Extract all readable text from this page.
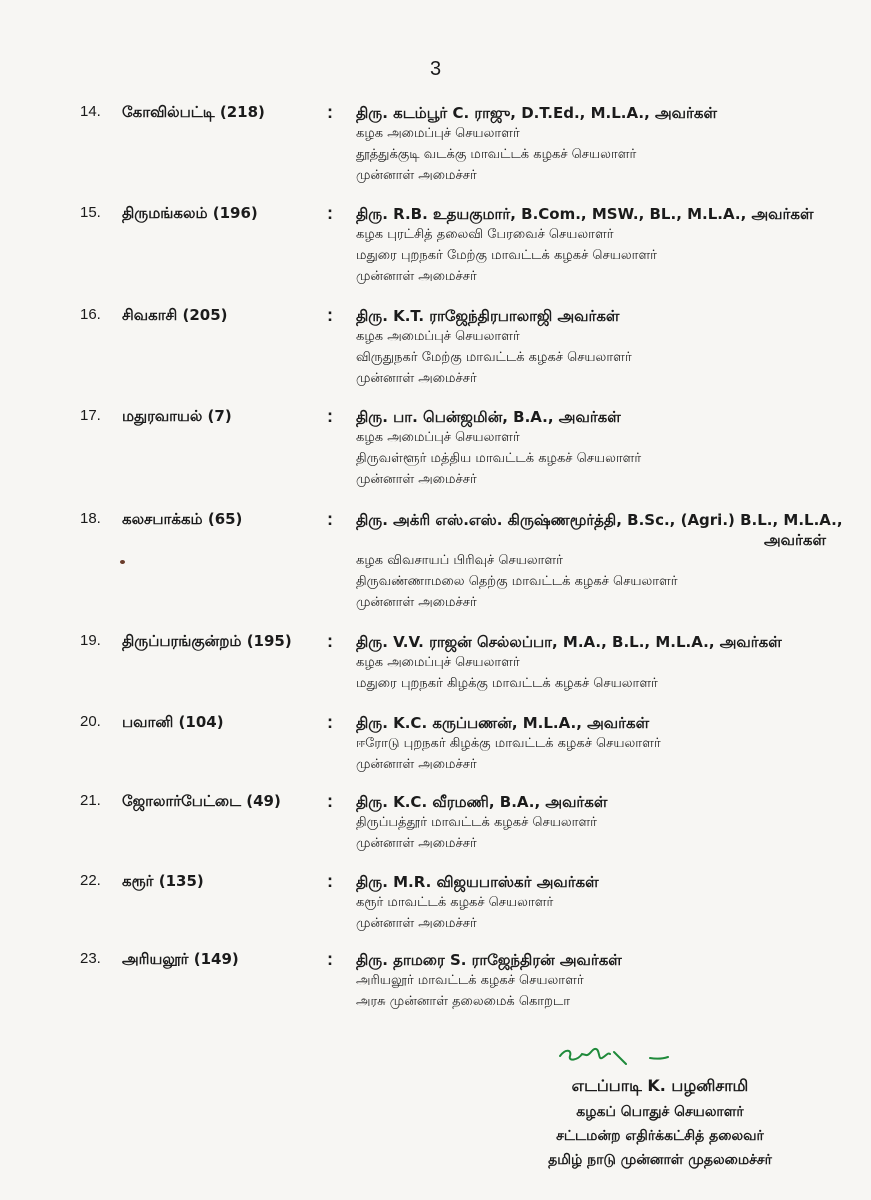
3
14. கோவில்பட்டி (218)	: திரு. கடம்பூர் C. ராஜு, D.T.Ed., M.L.A., அவர்கள்
கழக அமைப்புச் செயலாளர்
தூத்துக்குடி வடக்கு மாவட்டக் கழகச் செயலாளர்
முன்னாள் அமைச்சர்
15. திருமங்கலம் (196)	: திரு. R.B. உதயகுமார், B.Com., MSW., BL., M.L.A., அவர்கள்
கழக புரட்சித் தலைவி பேரவைச் செயலாளர்
மதுரை புறநகர் மேற்கு மாவட்டக் கழகச் செயலாளர்
முன்னாள் அமைச்சர்
16. சிவகாசி (205)	: திரு. K.T. ராஜேந்திரபாலாஜி அவர்கள்
கழக அமைப்புச் செயலாளர்
விருதுநகர் மேற்கு மாவட்டக் கழகச் செயலாளர்
முன்னாள் அமைச்சர்
17. மதுரவாயல் (7)	: திரு. பா. பென்ஜமின், B.A., அவர்கள்
கழக அமைப்புச் செயலாளர்
திருவள்ளூர் மத்திய மாவட்டக் கழகச் செயலாளர்
முன்னாள் அமைச்சர்
18. கலசபாக்கம் (65)	: திரு. அக்ரி எஸ்.எஸ். கிருஷ்ணமூர்த்தி, B.Sc., (Agri.) B.L., M.L.A.,
அவர்கள்
கழக விவசாயப் பிரிவுச் செயலாளர்
திருவண்ணாமலை தெற்கு மாவட்டக் கழகச் செயலாளர்
முன்னாள் அமைச்சர்
19. திருப்பரங்குன்றம் (195) : திரு. V.V. ராஜன் செல்லப்பா, M.A., B.L., M.L.A., அவர்கள்
கழக அமைப்புச் செயலாளர்
மதுரை புறநகர் கிழக்கு மாவட்டக் கழகச் செயலாளர்
20. பவானி (104)	: திரு. K.C. கருப்பணன், M.L.A., அவர்கள்
ஈரோடு புறநகர் கிழக்கு மாவட்டக் கழகச் செயலாளர்
முன்னாள் அமைச்சர்
21. ஜோலார்பேட்டை (49)	: திரு. K.C. வீரமணி, B.A., அவர்கள்
திருப்பத்தூர் மாவட்டக் கழகச் செயலாளர்
முன்னாள் அமைச்சர்
22. கரூர் (135)	: திரு. M.R. விஜயபாஸ்கர் அவர்கள்
கரூர் மாவட்டக் கழகச் செயலாளர்
முன்னாள் அமைச்சர்
23. அரியலூர் (149)	: திரு. தாமரை S. ராஜேந்திரன் அவர்கள்
அரியலூர் மாவட்டக் கழகச் செயலாளர்
அரசு முன்னாள் தலைமைக் கொறடா
எடப்பாடி K. பழனிசாமி
கழகப் பொதுச் செயலாளர்
சட்டமன்ற எதிர்க்கட்சித் தலைவர்
தமிழ் நாடு முன்னாள் முதலமைச்சர்
